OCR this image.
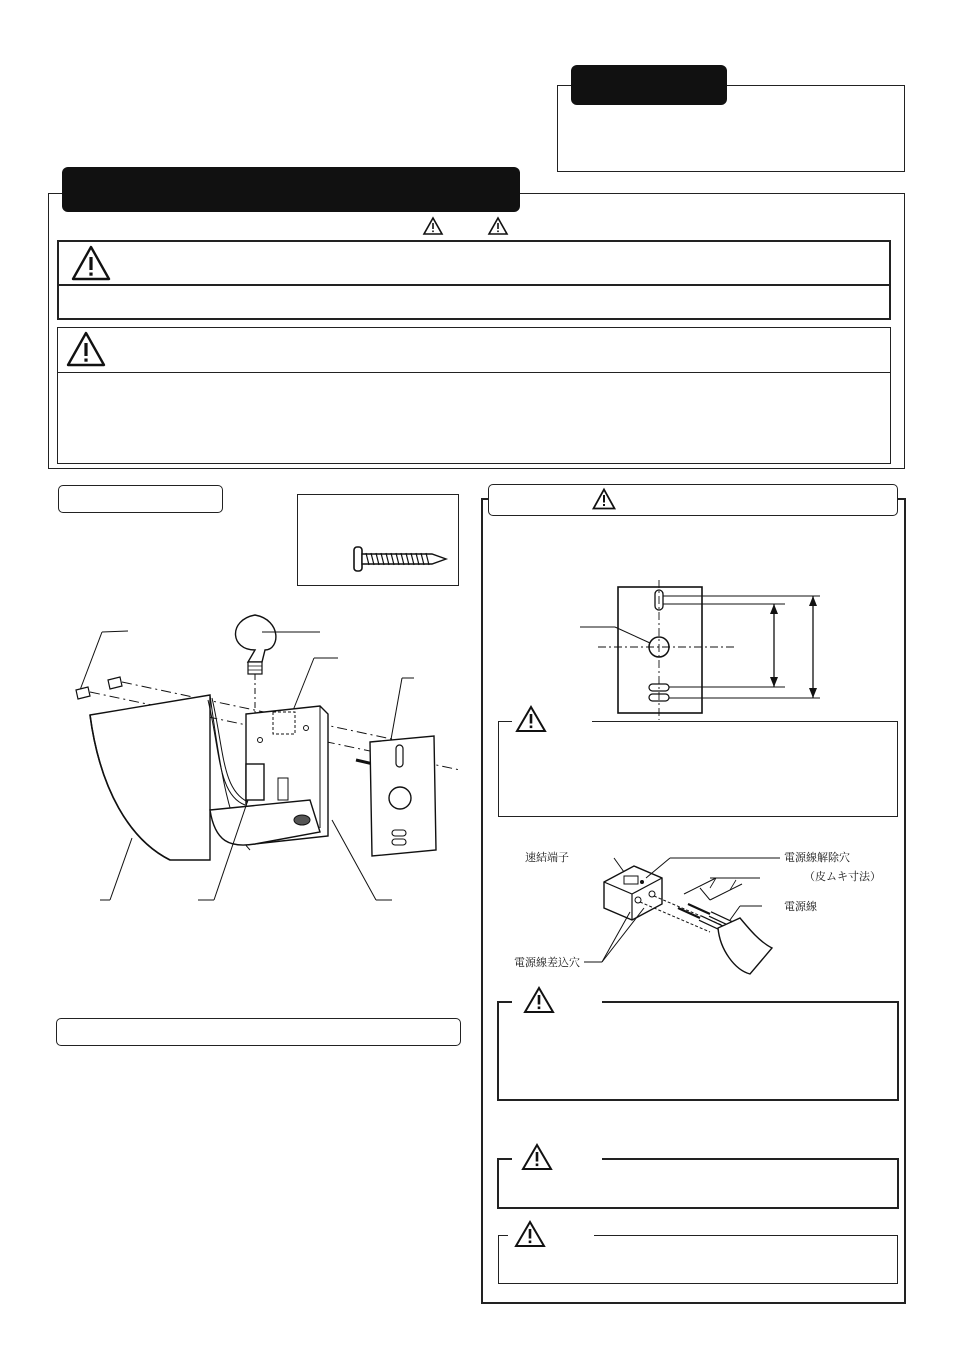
速結端子	電源線解除穴
（皮ムキ寸法）
電源線
電源線差込穴
